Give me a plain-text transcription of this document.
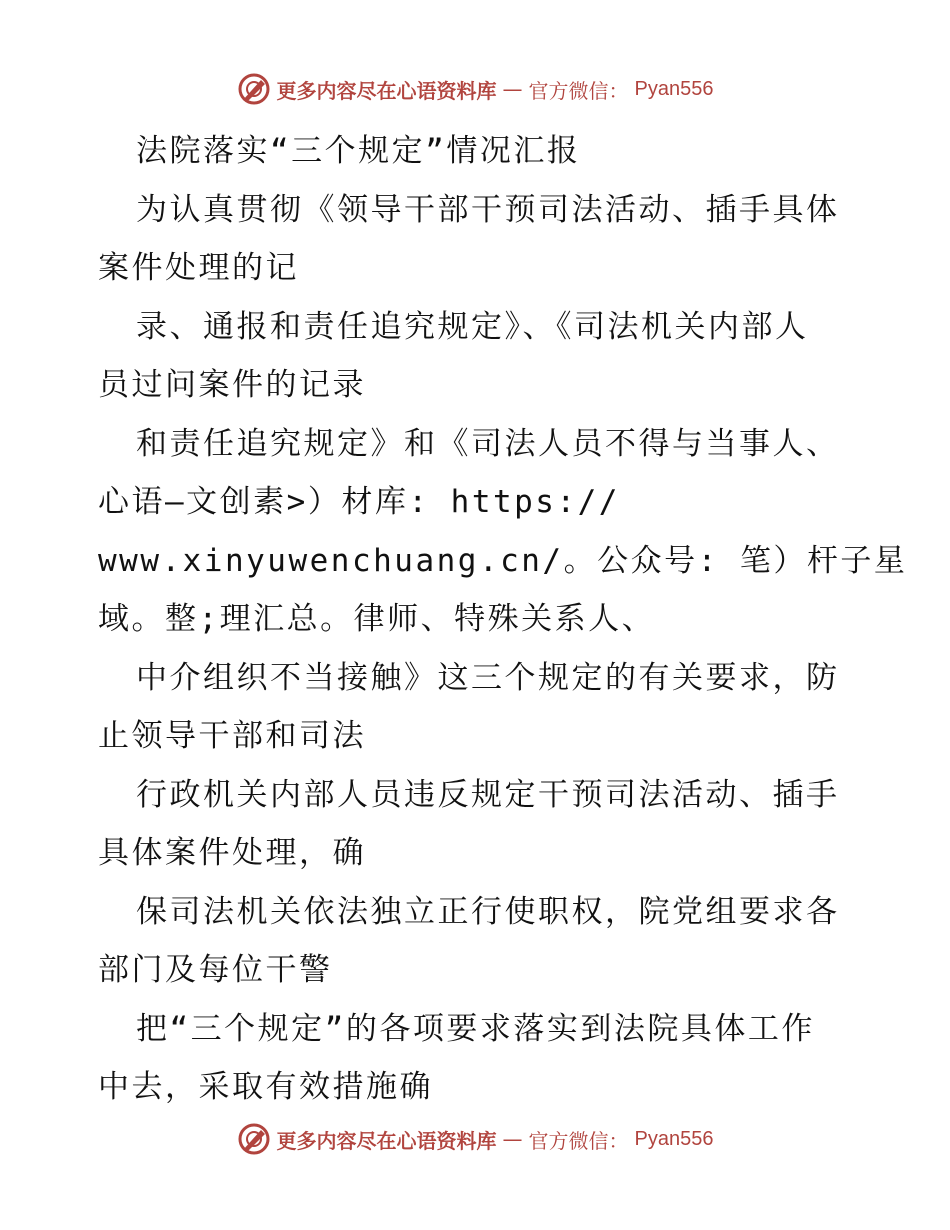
更多内容尽在心语资料库 — 官方微信： Pyan556
法院落实“三个规定”情况汇报
为认真贯彻《领导干部干预司法活动、插手具体
案件处理的记
录、通报和责任追究规定》、《司法机关内部人
员过问案件的记录
和责任追究规定》和《司法人员不得与当事人、
心语—文创素>）材库: https://
www.xinyuwenchuang.cn/。公众号: 笔）杆子星
域。整;理汇总。律师、特殊关系人、
中介组织不当接触》这三个规定的有关要求，防
止领导干部和司法
行政机关内部人员违反规定干预司法活动、插手
具体案件处理，确
保司法机关依法独立正行使职权，院党组要求各
部门及每位干警
把“三个规定”的各项要求落实到法院具体工作
中去，采取有效措施确
更多内容尽在心语资料库 — 官方微信： Pyan556
